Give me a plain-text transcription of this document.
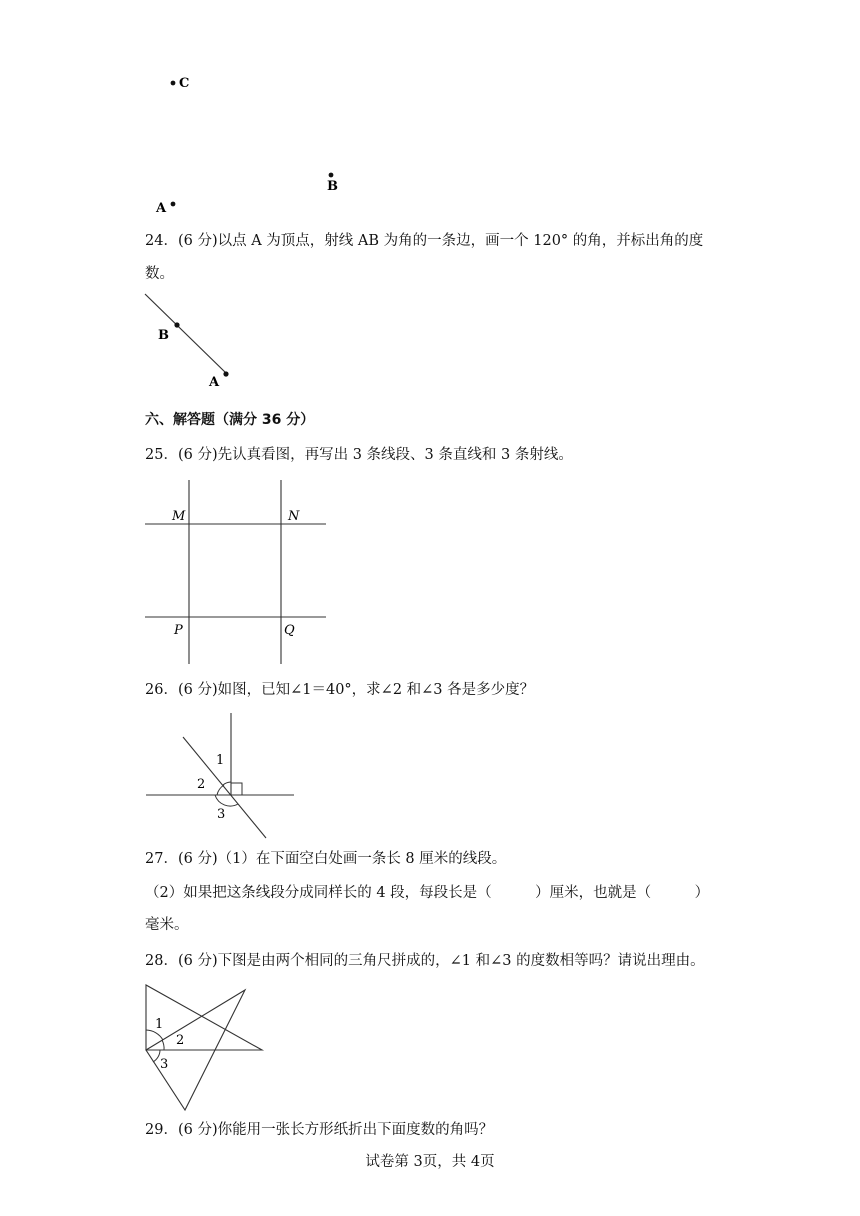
C
B
A
24．(6 分)以点 A 为顶点，射线 AB 为角的一条边，画一个 120° 的角，并标出角的度
数。
B
A
六、解答题（满分 36 分）
25．(6 分)先认真看图，再写出 3 条线段、3 条直线和 3 条射线。
M	N
P	Q
26．(6 分)如图，已知∠1＝40°，求∠2 和∠3 各是多少度？
1
2
3
27．(6 分)（1）在下面空白处画一条长 8 厘米的线段。
（2）如果把这条线段分成同样长的 4 段，每段长是（　　　）厘米，也就是（　　　）
毫米。
28．(6 分)下图是由两个相同的三角尺拼成的，∠1 和∠3 的度数相等吗？请说出理由。
1
2
3
29．(6 分)你能用一张长方形纸折出下面度数的角吗？
试卷第 3页，共 4页
